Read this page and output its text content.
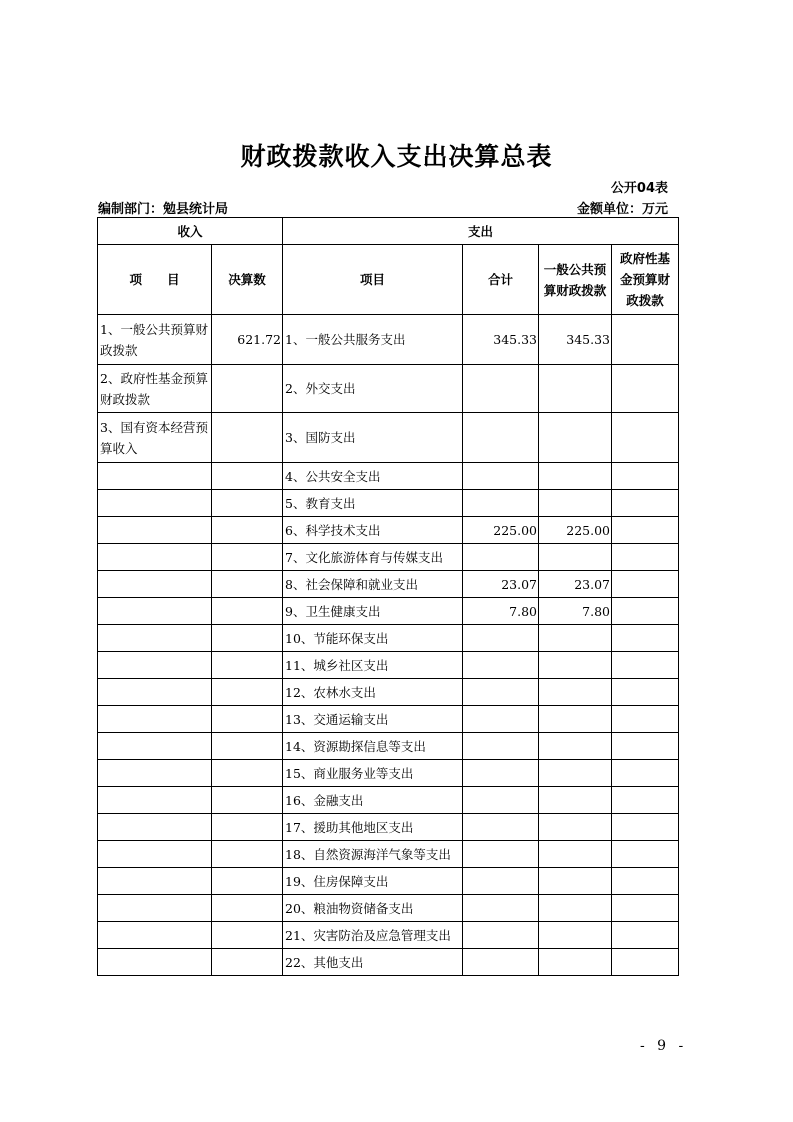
财政拨款收入支出决算总表
公开04表
编制部门：勉县统计局	金额单位：万元
收入		支出			
项　　目	决算数	项目	合计	一般公共预算财政拨款	政府性基金预算财政拨款
1、一般公共预算财政拨款	621.72	1、一般公共服务支出	345.33	345.33	
2、政府性基金预算财政拨款		2、外交支出			
3、国有资本经营预算收入		3、国防支出			
		4、公共安全支出			
		5、教育支出			
		6、科学技术支出	225.00	225.00	
		7、文化旅游体育与传媒支出			
		8、社会保障和就业支出	23.07	23.07	
		9、卫生健康支出	7.80	7.80	
		10、节能环保支出			
		11、城乡社区支出			
		12、农林水支出			
		13、交通运输支出			
		14、资源勘探信息等支出			
		15、商业服务业等支出			
		16、金融支出			
		17、援助其他地区支出			
		18、自然资源海洋气象等支出			
		19、住房保障支出			
		20、粮油物资储备支出			
		21、灾害防治及应急管理支出			
		22、其他支出			
- 9 -
